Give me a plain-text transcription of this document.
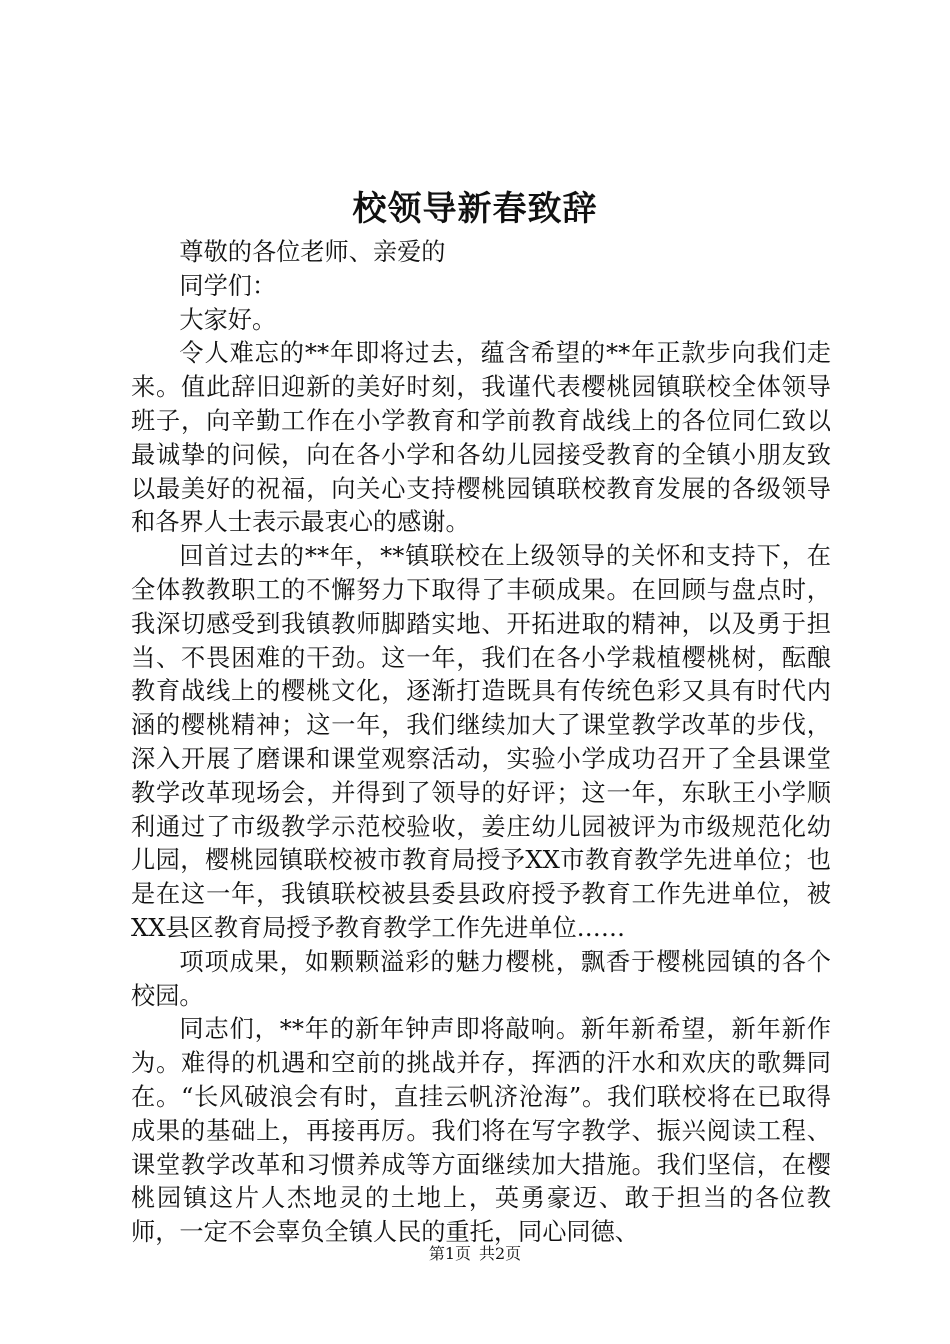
校领导新春致辞

尊敬的各位老师、亲爱的

同学们：

大家好。

令人难忘的**年即将过去，蕴含希望的**年正款步向我们走来。值此辞旧迎新的美好时刻，我谨代表樱桃园镇联校全体领导班子，向辛勤工作在小学教育和学前教育战线上的各位同仁致以最诚挚的问候，向在各小学和各幼儿园接受教育的全镇小朋友致以最美好的祝福，向关心支持樱桃园镇联校教育发展的各级领导和各界人士表示最衷心的感谢。

回首过去的**年，**镇联校在上级领导的关怀和支持下，在全体教教职工的不懈努力下取得了丰硕成果。在回顾与盘点时，我深切感受到我镇教师脚踏实地、开拓进取的精神，以及勇于担当、不畏困难的干劲。这一年，我们在各小学栽植樱桃树，酝酿教育战线上的樱桃文化，逐渐打造既具有传统色彩又具有时代内涵的樱桃精神；这一年，我们继续加大了课堂教学改革的步伐，深入开展了磨课和课堂观察活动，实验小学成功召开了全县课堂教学改革现场会，并得到了领导的好评；这一年，东耿王小学顺利通过了市级教学示范校验收，姜庄幼儿园被评为市级规范化幼儿园，樱桃园镇联校被市教育局授予XX市教育教学先进单位；也是在这一年，我镇联校被县委县政府授予教育工作先进单位，被XX县区教育局授予教育教学工作先进单位……

项项成果，如颗颗溢彩的魅力樱桃，飘香于樱桃园镇的各个校园。

同志们，**年的新年钟声即将敲响。新年新希望，新年新作为。难得的机遇和空前的挑战并存，挥洒的汗水和欢庆的歌舞同在。“长风破浪会有时，直挂云帆济沧海”。我们联校将在已取得成果的基础上，再接再厉。我们将在写字教学、振兴阅读工程、课堂教学改革和习惯养成等方面继续加大措施。我们坚信，在樱桃园镇这片人杰地灵的土地上，英勇豪迈、敢于担当的各位教师，一定不会辜负全镇人民的重托，同心同德、

第1页 共2页
